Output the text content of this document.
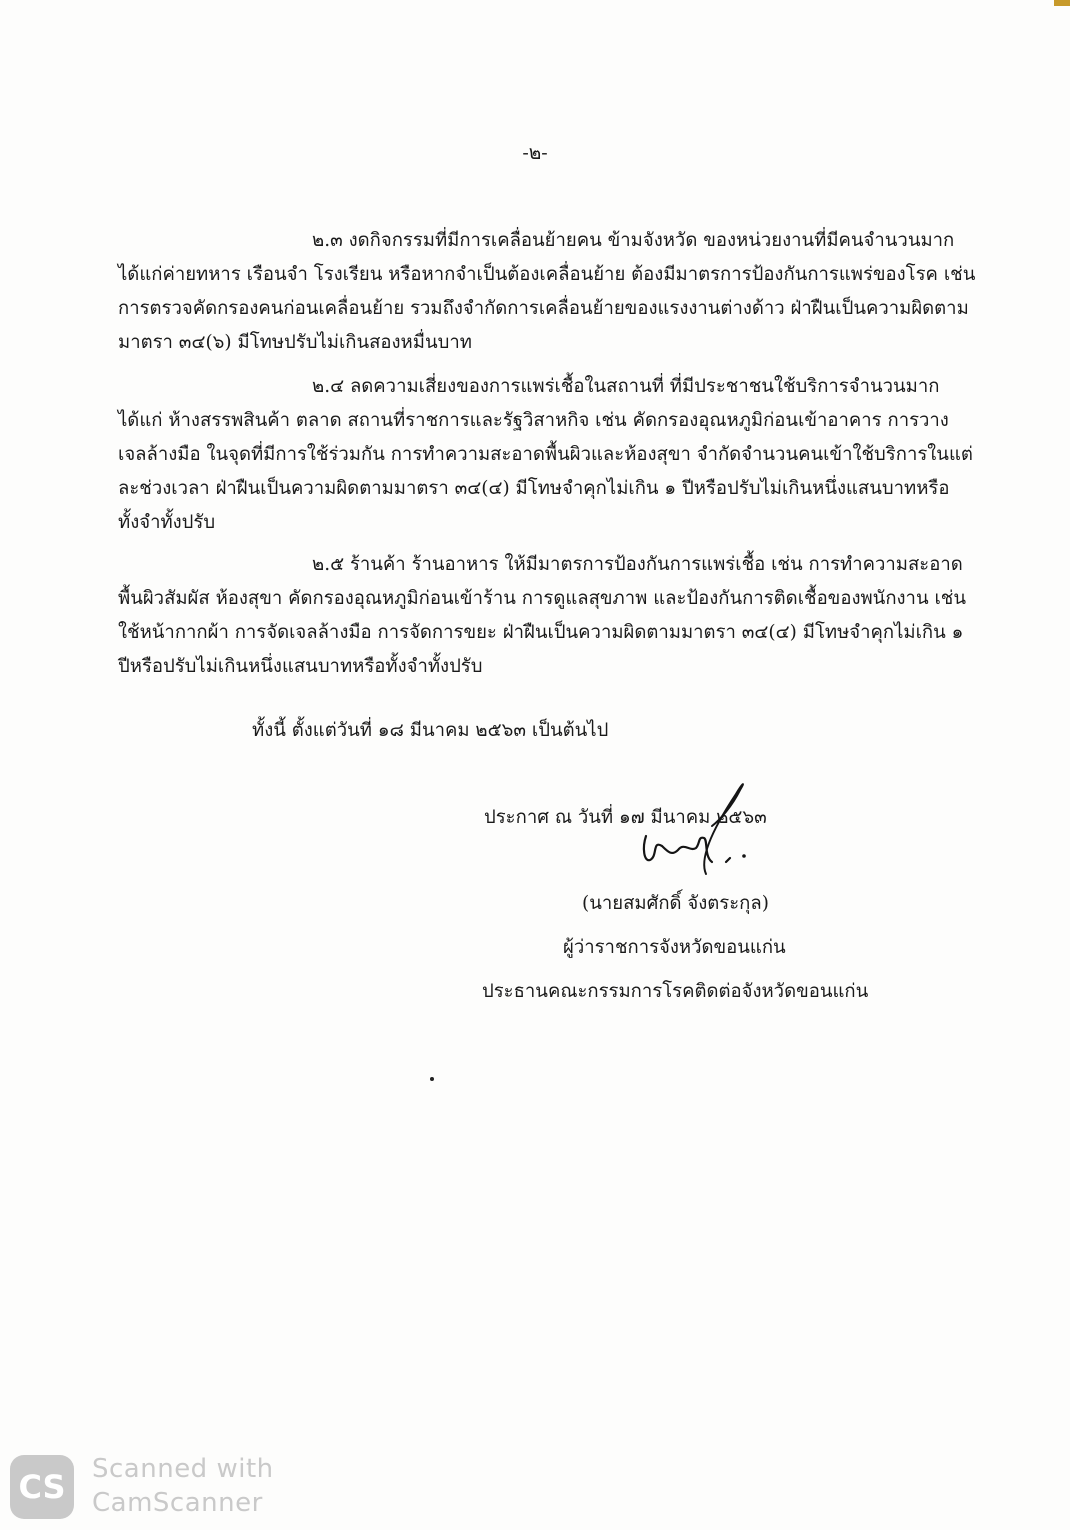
-๒-
๒.๓ งดกิจกรรมที่มีการเคลื่อนย้ายคน ข้ามจังหวัด ของหน่วยงานที่มีคนจำนวนมาก
ได้แก่ค่ายทหาร เรือนจำ โรงเรียน หรือหากจำเป็นต้องเคลื่อนย้าย ต้องมีมาตรการป้องกันการแพร่ของโรค เช่น
การตรวจคัดกรองคนก่อนเคลื่อนย้าย รวมถึงจำกัดการเคลื่อนย้ายของแรงงานต่างด้าว ฝ่าฝืนเป็นความผิดตาม
มาตรา ๓๔(๖) มีโทษปรับไม่เกินสองหมื่นบาท
๒.๔ ลดความเสี่ยงของการแพร่เชื้อในสถานที่ ที่มีประชาชนใช้บริการจำนวนมาก
ได้แก่ ห้างสรรพสินค้า ตลาด สถานที่ราชการและรัฐวิสาหกิจ เช่น คัดกรองอุณหภูมิก่อนเข้าอาคาร การวาง
เจลล้างมือ ในจุดที่มีการใช้ร่วมกัน การทำความสะอาดพื้นผิวและห้องสุขา จำกัดจำนวนคนเข้าใช้บริการในแต่
ละช่วงเวลา ฝ่าฝืนเป็นความผิดตามมาตรา ๓๔(๔) มีโทษจำคุกไม่เกิน ๑ ปีหรือปรับไม่เกินหนึ่งแสนบาทหรือ
ทั้งจำทั้งปรับ
๒.๕ ร้านค้า ร้านอาหาร ให้มีมาตรการป้องกันการแพร่เชื้อ เช่น การทำความสะอาด
พื้นผิวสัมผัส ห้องสุขา คัดกรองอุณหภูมิก่อนเข้าร้าน การดูแลสุขภาพ และป้องกันการติดเชื้อของพนักงาน เช่น
ใช้หน้ากากผ้า การจัดเจลล้างมือ การจัดการขยะ ฝ่าฝืนเป็นความผิดตามมาตรา ๓๔(๔) มีโทษจำคุกไม่เกิน ๑
ปีหรือปรับไม่เกินหนึ่งแสนบาทหรือทั้งจำทั้งปรับ
ทั้งนี้ ตั้งแต่วันที่ ๑๘ มีนาคม ๒๕๖๓ เป็นต้นไป
ประกาศ ณ วันที่ ๑๗ มีนาคม ๒๕๖๓
(นายสมศักดิ์ จังตระกุล)
ผู้ว่าราชการจังหวัดขอนแก่น
ประธานคณะกรรมการโรคติดต่อจังหวัดขอนแก่น
CS	Scanned with
CamScanner
